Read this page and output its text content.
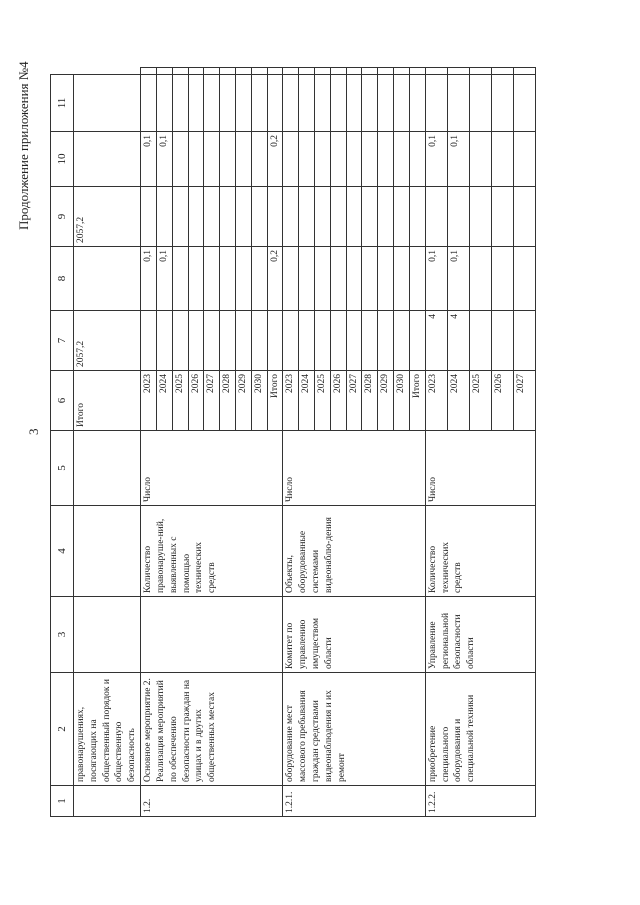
Продолжение приложения №4
3
1	2	3	4	5	6	7	8	9	10	11	
	правонарушениях, посягающих на общественный порядок и общественную безопасность				Итого	2057,2		2057,2			
1.2.	Основное мероприятие 2. Реализация мероприятий по обеспечению безопасности граждан на улицах и в других общественных местах		Количество правонаруше-ний, выявленных с помощью технических средств	Число	2023		0,1		0,1		
					2024		0,1		0,1		
					2025						
					2026						
					2027						
					2028						
					2029						
					2030						
					Итого		0,2		0,2		
1.2.1.	оборудование мест массового пребывания граждан средствами видеонаблюдения и их ремонт	Комитет по управлению имуществом области	Объекты, оборудованные системами видеонаблю-дения	Число	2023						
					2024						
					2025						
					2026						
					2027						
					2028						
					2029						
					2030						
					Итого						
1.2.2.	приобретение специального оборудования и специальной техники	Управление региональной безопасности области	Количество технических средств	Число	2023	4	0,1		0,1		
					2024	4	0,1		0,1		
					2025						
					2026						
					2027						
